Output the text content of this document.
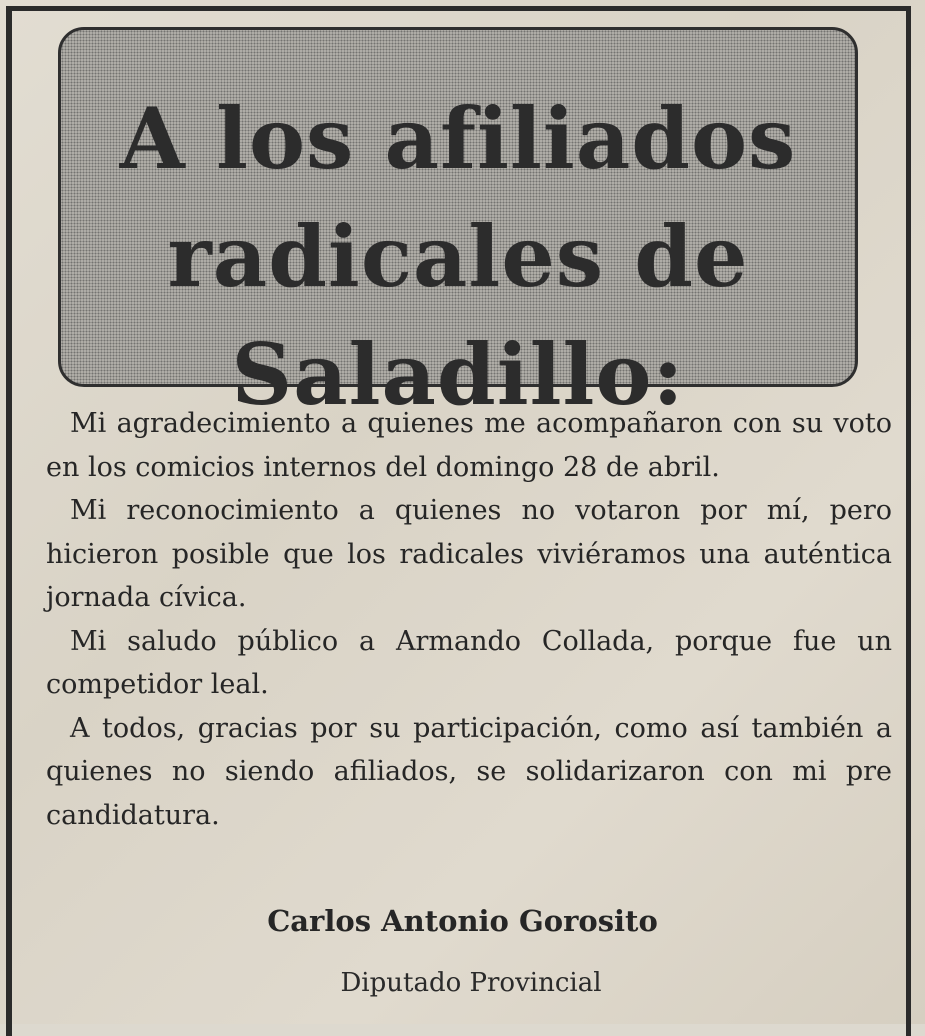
A los afiliados
radicales de
Saladillo:

Mi agradecimiento a quienes me acompañaron con su voto en los comicios internos del domingo 28 de abril.

Mi reconocimiento a quienes no votaron por mí, pero hicieron posible que los radicales viviéramos una auténtica jornada cívica.

Mi saludo público a Armando Collada, porque fue un competidor leal.

A todos, gracias por su participación, como así también a quienes no siendo afiliados, se solidarizaron con mi pre candidatura.

Carlos Antonio Gorosito
Diputado Provincial
